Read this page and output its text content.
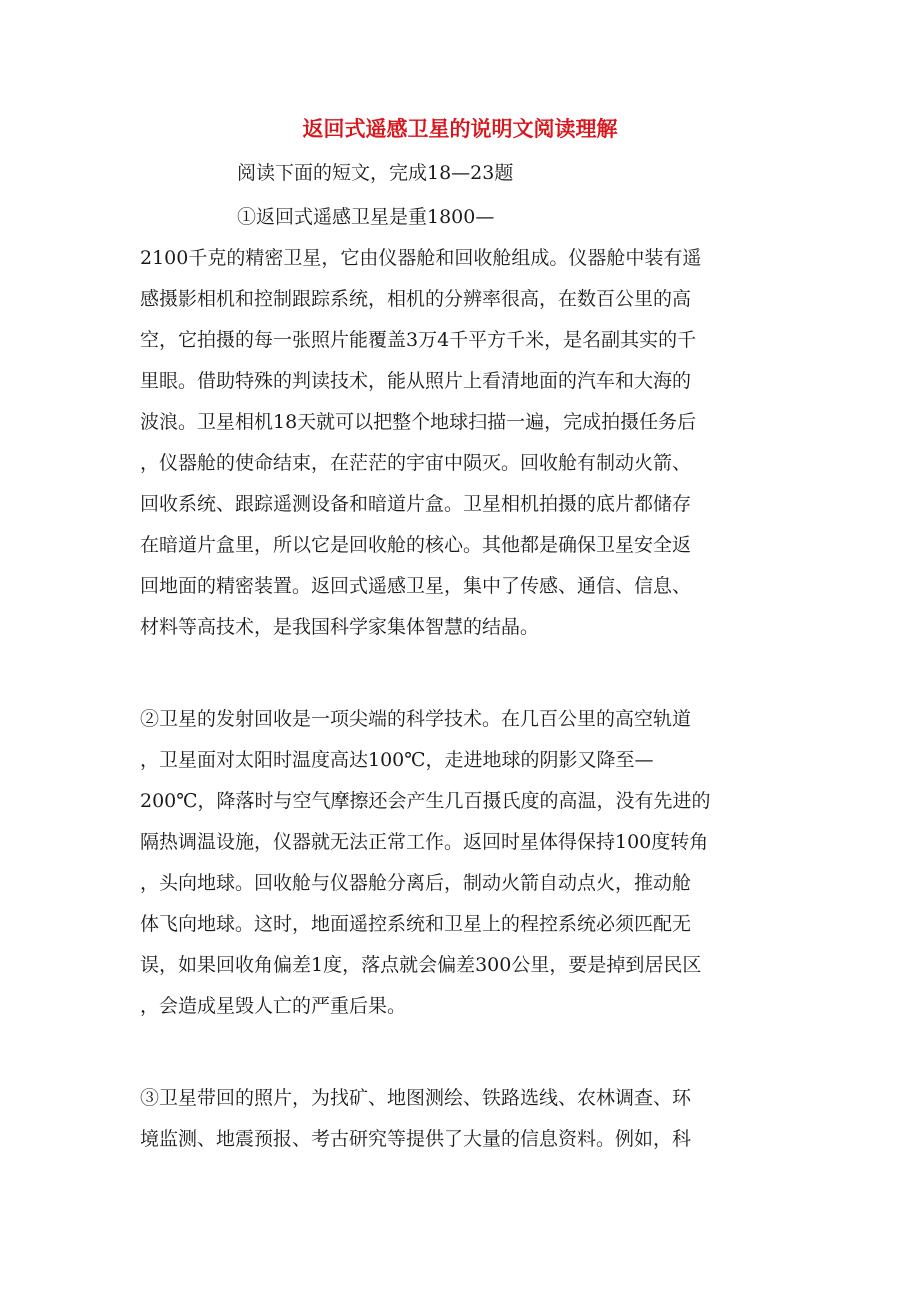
返回式遥感卫星的说明文阅读理解

阅读下面的短文，完成18—23题

①返回式遥感卫星是重1800—

2100千克的精密卫星，它由仪器舱和回收舱组成。仪器舱中装有遥

感摄影相机和控制跟踪系统，相机的分辨率很高，在数百公里的高

空，它拍摄的每一张照片能覆盖3万4千平方千米，是名副其实的千

里眼。借助特殊的判读技术，能从照片上看清地面的汽车和大海的

波浪。卫星相机18天就可以把整个地球扫描一遍，完成拍摄任务后

，仪器舱的使命结束，在茫茫的宇宙中陨灭。回收舱有制动火箭、

回收系统、跟踪遥测设备和暗道片盒。卫星相机拍摄的底片都储存

在暗道片盒里，所以它是回收舱的核心。其他都是确保卫星安全返

回地面的精密装置。返回式遥感卫星，集中了传感、通信、信息、

材料等高技术，是我国科学家集体智慧的结晶。

②卫星的发射回收是一项尖端的科学技术。在几百公里的高空轨道

，卫星面对太阳时温度高达100℃，走进地球的阴影又降至—

200℃，降落时与空气摩擦还会产生几百摄氏度的高温，没有先进的

隔热调温设施，仪器就无法正常工作。返回时星体得保持100度转角

，头向地球。回收舱与仪器舱分离后，制动火箭自动点火，推动舱

体飞向地球。这时，地面遥控系统和卫星上的程控系统必须匹配无

误，如果回收角偏差1度，落点就会偏差300公里，要是掉到居民区

，会造成星毁人亡的严重后果。

③卫星带回的照片，为找矿、地图测绘、铁路选线、农林调查、环

境监测、地震预报、考古研究等提供了大量的信息资料。例如，科
